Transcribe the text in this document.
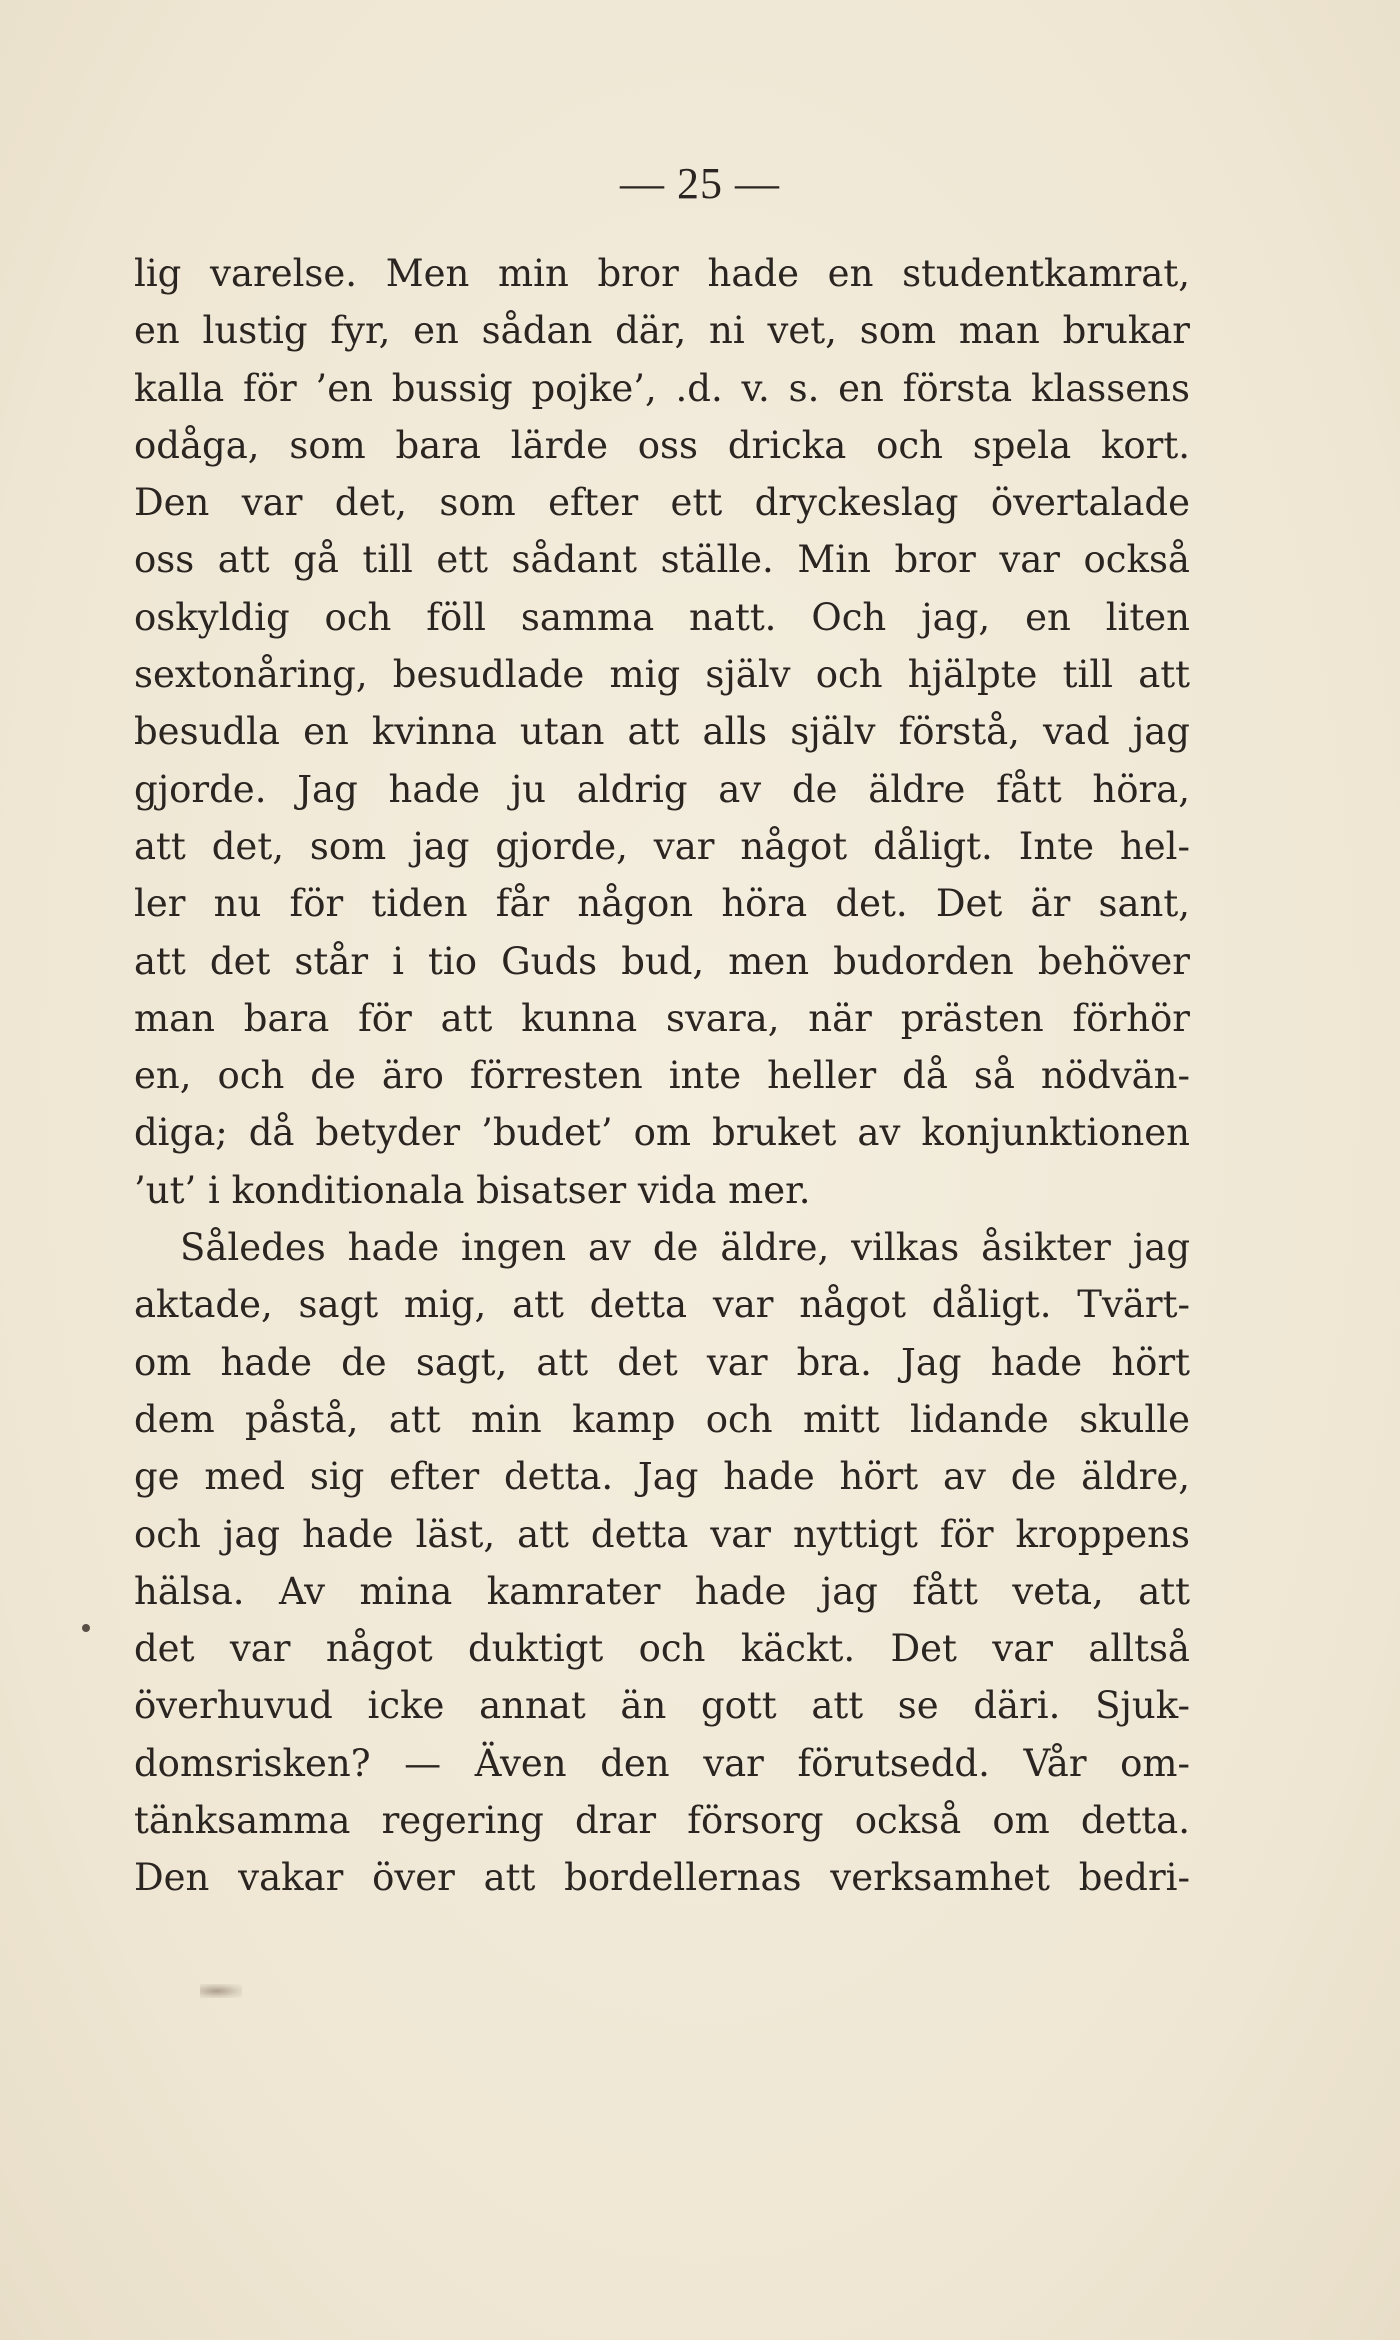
— 25 —
lig varelse. Men min bror hade en studentkamrat,
en lustig fyr, en sådan där, ni vet, som man brukar
kalla för ’en bussig pojke’, .d. v. s. en första klassens
odåga, som bara lärde oss dricka och spela kort.
Den var det, som efter ett dryckeslag övertalade
oss att gå till ett sådant ställe. Min bror var också
oskyldig och föll samma natt. Och jag, en liten
sextonåring, besudlade mig själv och hjälpte till att
besudla en kvinna utan att alls själv förstå, vad jag
gjorde. Jag hade ju aldrig av de äldre fått höra,
att det, som jag gjorde, var något dåligt. Inte hel-
ler nu för tiden får någon höra det. Det är sant,
att det står i tio Guds bud, men budorden behöver
man bara för att kunna svara, när prästen förhör
en, och de äro förresten inte heller då så nödvän-
diga; då betyder ’budet’ om bruket av konjunktionen
’ut’ i konditionala bisatser vida mer.
Således hade ingen av de äldre, vilkas åsikter jag
aktade, sagt mig, att detta var något dåligt. Tvärt-
om hade de sagt, att det var bra. Jag hade hört
dem påstå, att min kamp och mitt lidande skulle
ge med sig efter detta. Jag hade hört av de äldre,
och jag hade läst, att detta var nyttigt för kroppens
hälsa. Av mina kamrater hade jag fått veta, att
det var något duktigt och käckt. Det var alltså
överhuvud icke annat än gott att se däri. Sjuk-
domsrisken? — Även den var förutsedd. Vår om-
tänksamma regering drar försorg också om detta.
Den vakar över att bordellernas verksamhet bedri-
